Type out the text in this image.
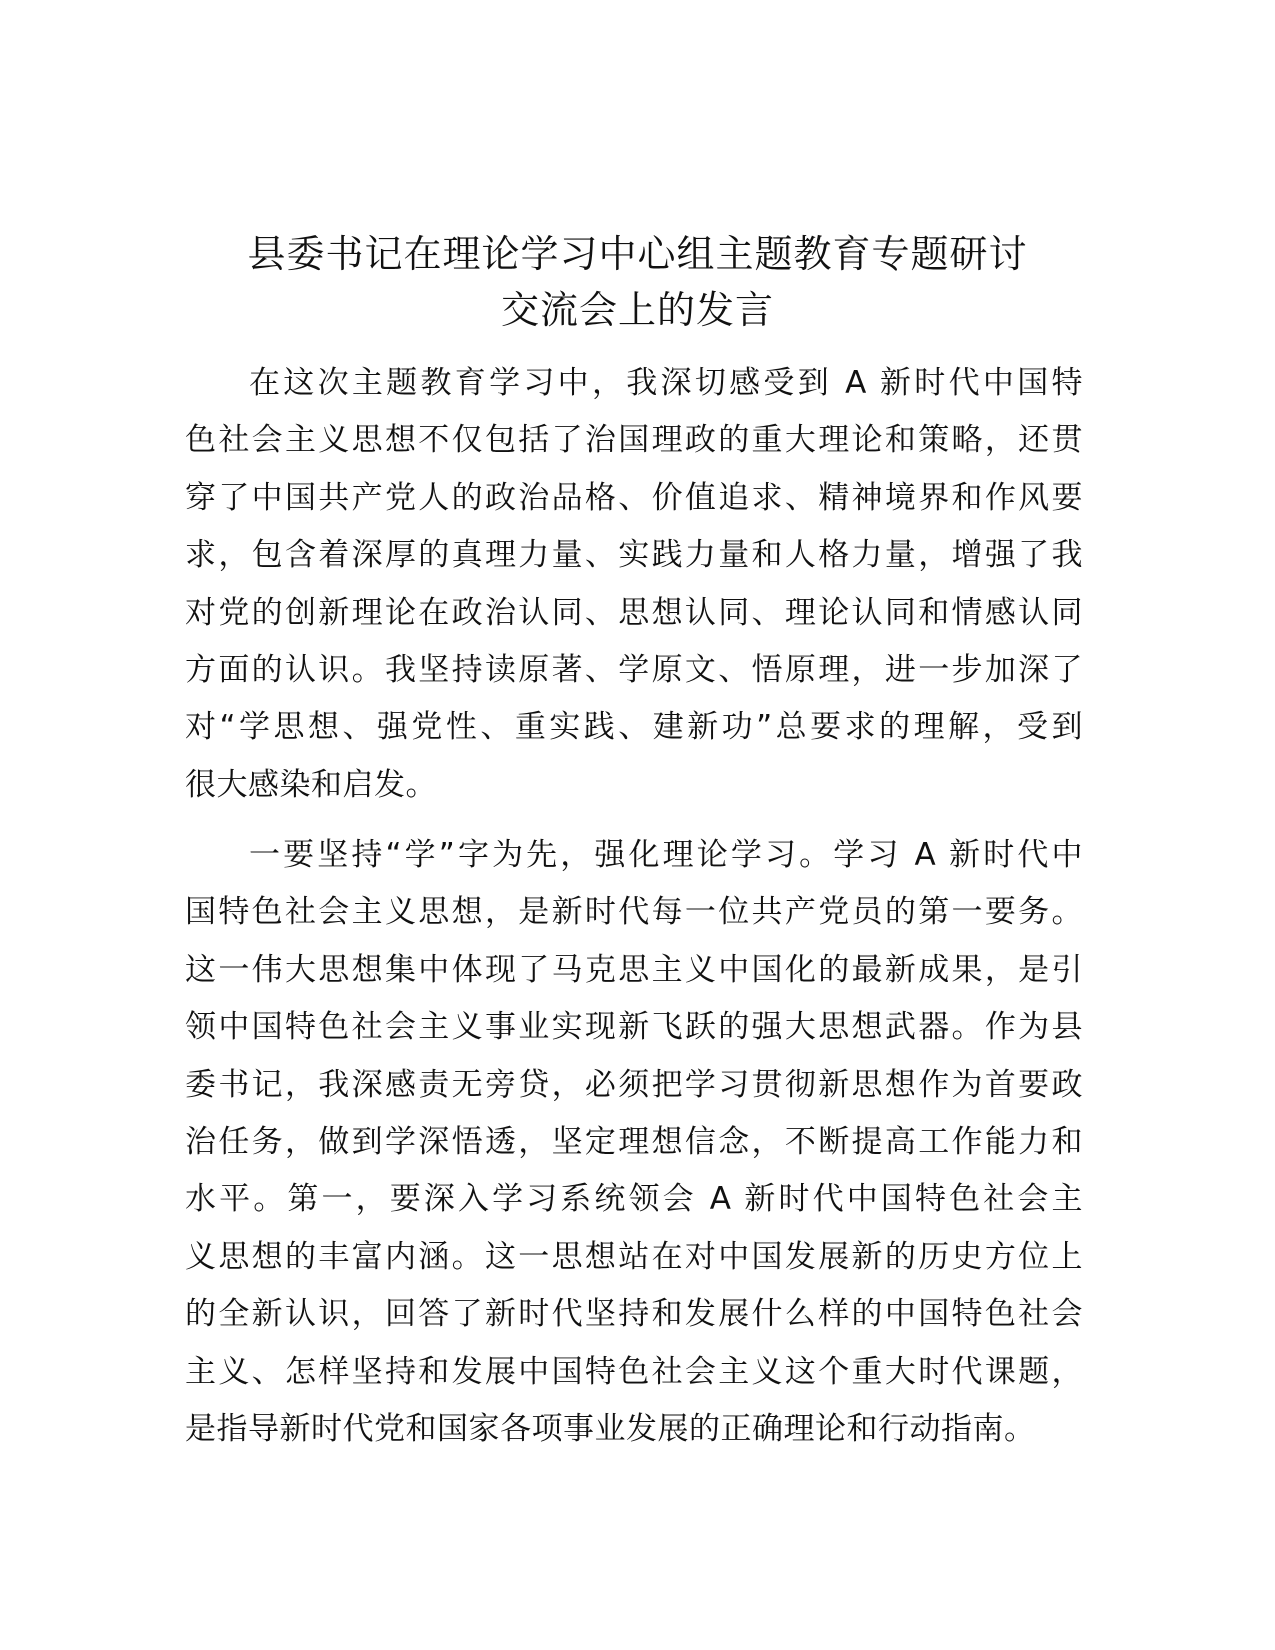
县委书记在理论学习中心组主题教育专题研讨
交流会上的发言
在这次主题教育学习中，我深切感受到 A 新时代中国特
色社会主义思想不仅包括了治国理政的重大理论和策略，还贯
穿了中国共产党人的政治品格、价值追求、精神境界和作风要
求，包含着深厚的真理力量、实践力量和人格力量，增强了我
对党的创新理论在政治认同、思想认同、理论认同和情感认同
方面的认识。我坚持读原著、学原文、悟原理，进一步加深了
对“学思想、强党性、重实践、建新功”总要求的理解，受到
很大感染和启发。
一要坚持“学”字为先，强化理论学习。学习 A 新时代中
国特色社会主义思想，是新时代每一位共产党员的第一要务。
这一伟大思想集中体现了马克思主义中国化的最新成果，是引
领中国特色社会主义事业实现新飞跃的强大思想武器。作为县
委书记，我深感责无旁贷，必须把学习贯彻新思想作为首要政
治任务，做到学深悟透，坚定理想信念，不断提高工作能力和
水平。第一，要深入学习系统领会 A 新时代中国特色社会主
义思想的丰富内涵。这一思想站在对中国发展新的历史方位上
的全新认识，回答了新时代坚持和发展什么样的中国特色社会
主义、怎样坚持和发展中国特色社会主义这个重大时代课题，
是指导新时代党和国家各项事业发展的正确理论和行动指南。
